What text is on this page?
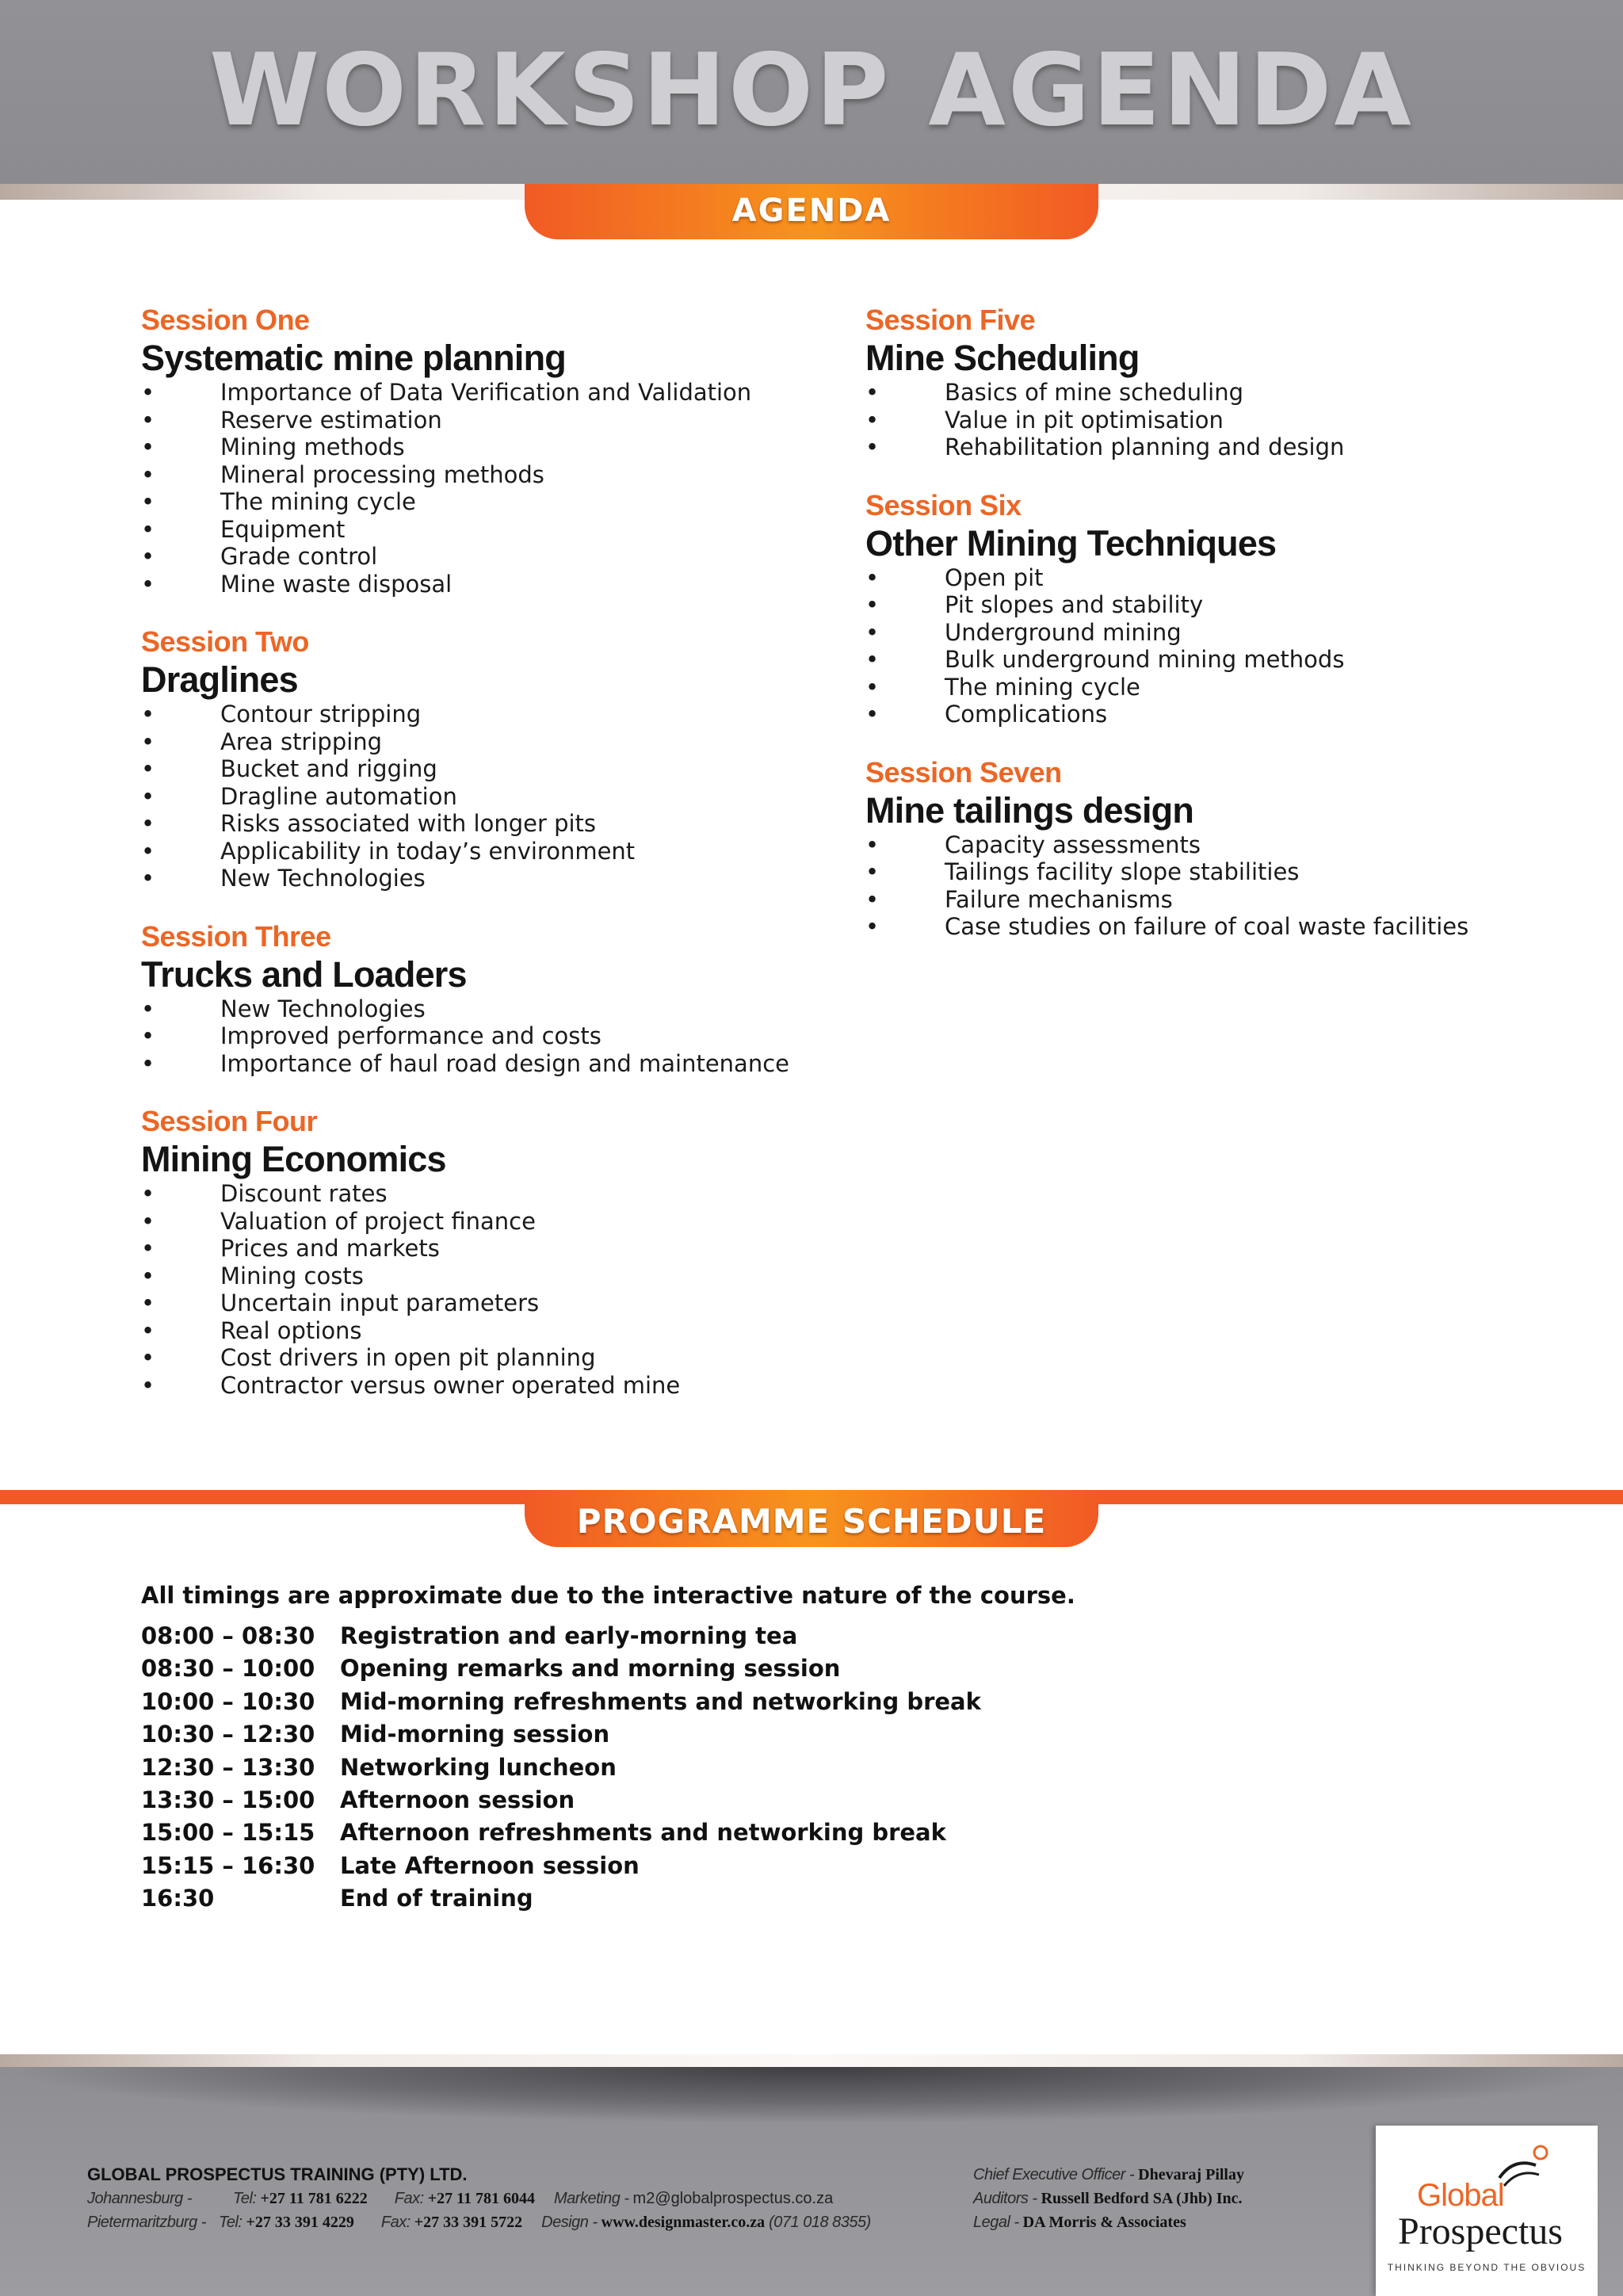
WORKSHOP AGENDA
AGENDA
Session One
Systematic mine planning
•	Importance of Data Verification and Validation
•	Reserve estimation
•	Mining methods
•	Mineral processing methods
•	The mining cycle
•	Equipment
•	Grade control
•	Mine waste disposal
Session Two
Draglines
•	Contour stripping
•	Area stripping
•	Bucket and rigging
•	Dragline automation
•	Risks associated with longer pits
•	Applicability in today’s environment
•	New Technologies
Session Three
Trucks and Loaders
•	New Technologies
•	Improved performance and costs
•	Importance of haul road design and maintenance
Session Four
Mining Economics
•	Discount rates
•	Valuation of project finance
•	Prices and markets
•	Mining costs
•	Uncertain input parameters
•	Real options
•	Cost drivers in open pit planning
•	Contractor versus owner operated mine
Session Five
Mine Scheduling
•	Basics of mine scheduling
•	Value in pit optimisation
•	Rehabilitation planning and design
Session Six
Other Mining Techniques
•	Open pit
•	Pit slopes and stability
•	Underground mining
•	Bulk underground mining methods
•	The mining cycle
•	Complications
Session Seven
Mine tailings design
•	Capacity assessments
•	Tailings facility slope stabilities
•	Failure mechanisms
•	Case studies on failure of coal waste facilities
PROGRAMME SCHEDULE
All timings are approximate due to the interactive nature of the course.
08:00 – 08:30	Registration and early-morning tea
08:30 – 10:00	Opening remarks and morning session
10:00 – 10:30	Mid-morning refreshments and networking break
10:30 – 12:30	Mid-morning session
12:30 – 13:30	Networking luncheon
13:30 – 15:00	Afternoon session
15:00 – 15:15	Afternoon refreshments and networking break
15:15 – 16:30	Late Afternoon session
16:30	End of training
GLOBAL PROSPECTUS TRAINING (PTY) LTD.
Johannesburg -	Tel: +27 11 781 6222 Fax: +27 11 781 6044 Marketing - m2@globalprospectus.co.za
Pietermaritzburg - Tel: +27 33 391 4229 Fax: +27 33 391 5722 Design - www.designmaster.co.za (071 018 8355)
Chief Executive Officer - Dhevaraj Pillay
Auditors - Russell Bedford SA (Jhb) Inc.
Legal - DA Morris & Associates
Global
Prospectus
THINKING BEYOND THE OBVIOUS
